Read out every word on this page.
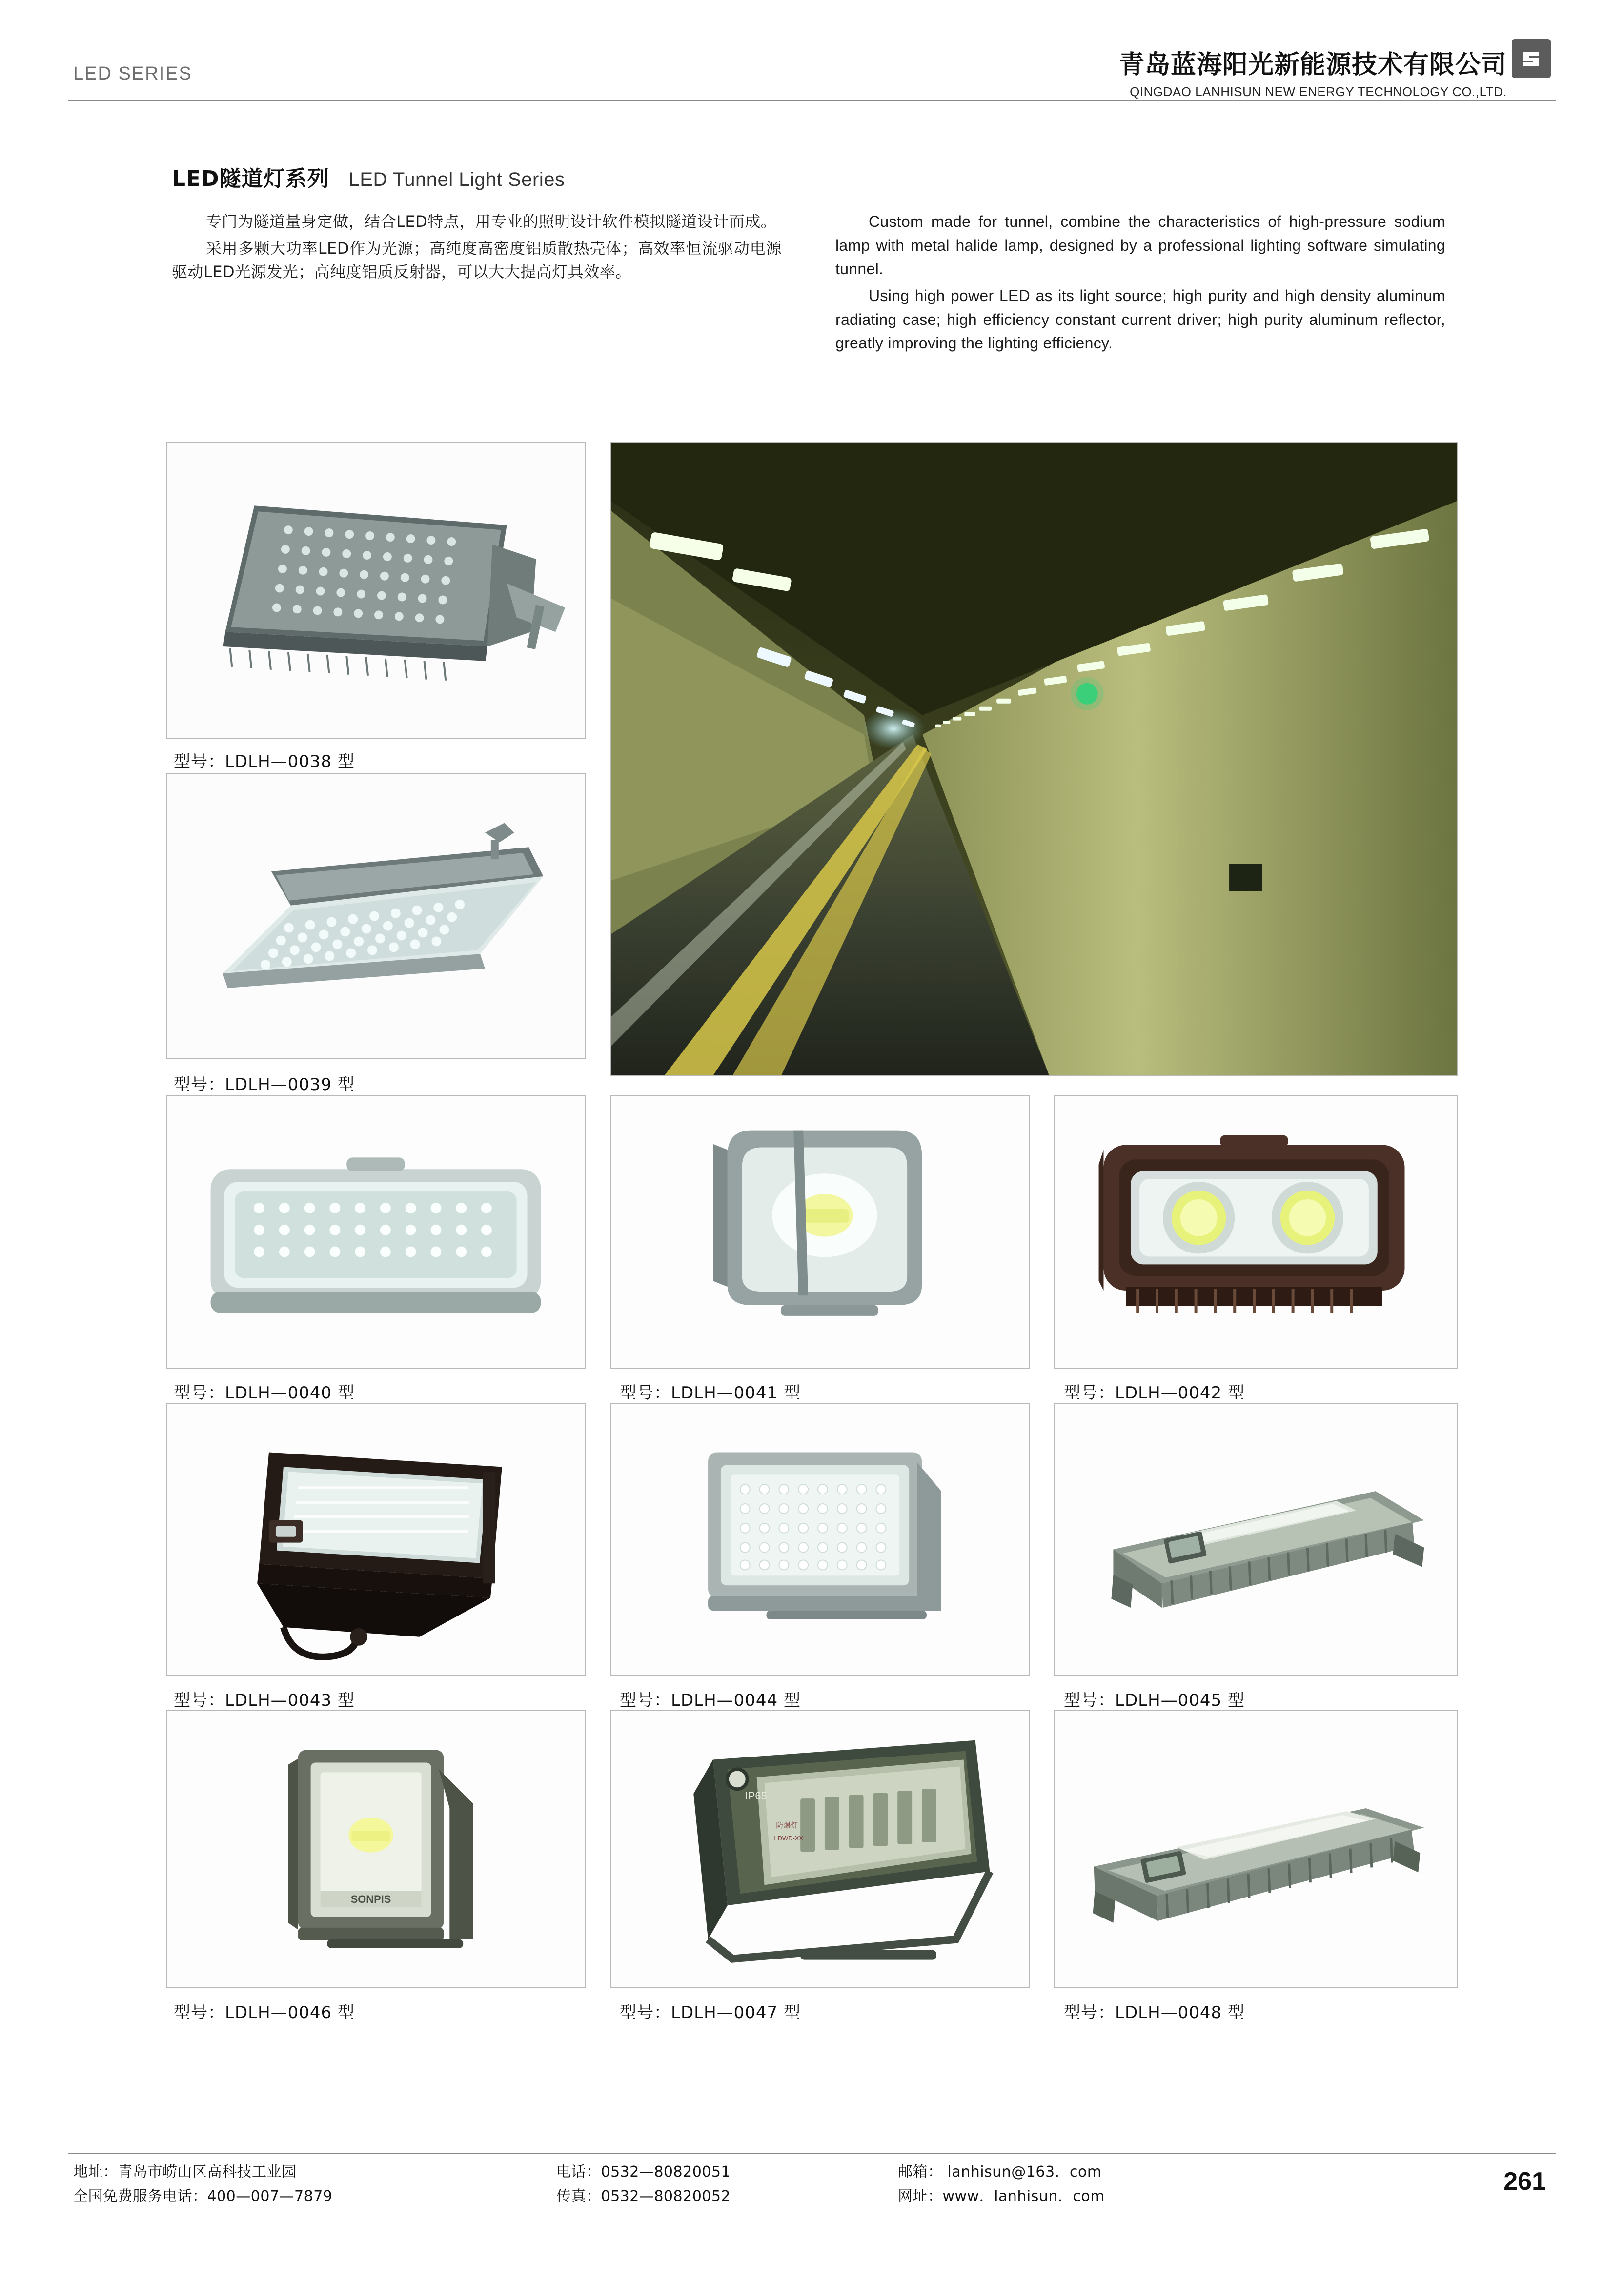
LED SERIES	青岛蓝海阳光新能源技术有限公司
QINGDAO LANHISUN NEW ENERGY TECHNOLOGY CO.,LTD.
LED隧道灯系列 LED Tunnel Light Series

专门为隧道量身定做，结合LED特点，用专业的照明设计软件模拟隧道设计而成。

采用多颗大功率LED作为光源；高纯度高密度铝质散热壳体；高效率恒流驱动电源驱动LED光源发光；高纯度铝质反射器，可以大大提高灯具效率。

Custom made for tunnel, combine the characteristics of high-pressure sodium lamp with metal halide lamp, designed by a professional lighting software simulating tunnel.

Using high power LED as its light source; high purity and high density aluminum radiating case; high efficiency constant current driver; high purity aluminum reflector, greatly improving the lighting efficiency.

型号：LDLH—0038 型
型号：LDLH—0039 型
型号：LDLH—0040 型	型号：LDLH—0041 型	型号：LDLH—0042 型
型号：LDLH—0043 型	型号：LDLH—0044 型	型号：LDLH—0045 型
SONPIS
型号：LDLH—0046 型
IP65
防爆灯
LDWD-XX
型号：LDLH—0047 型	型号：LDLH—0048 型
地址：青岛市崂山区高科技工业园
全国免费服务电话：400—007—7879
电话：0532—80820051
传真：0532—80820052
邮箱： lanhisun@163．com
网址：www．lanhisun．com
261
